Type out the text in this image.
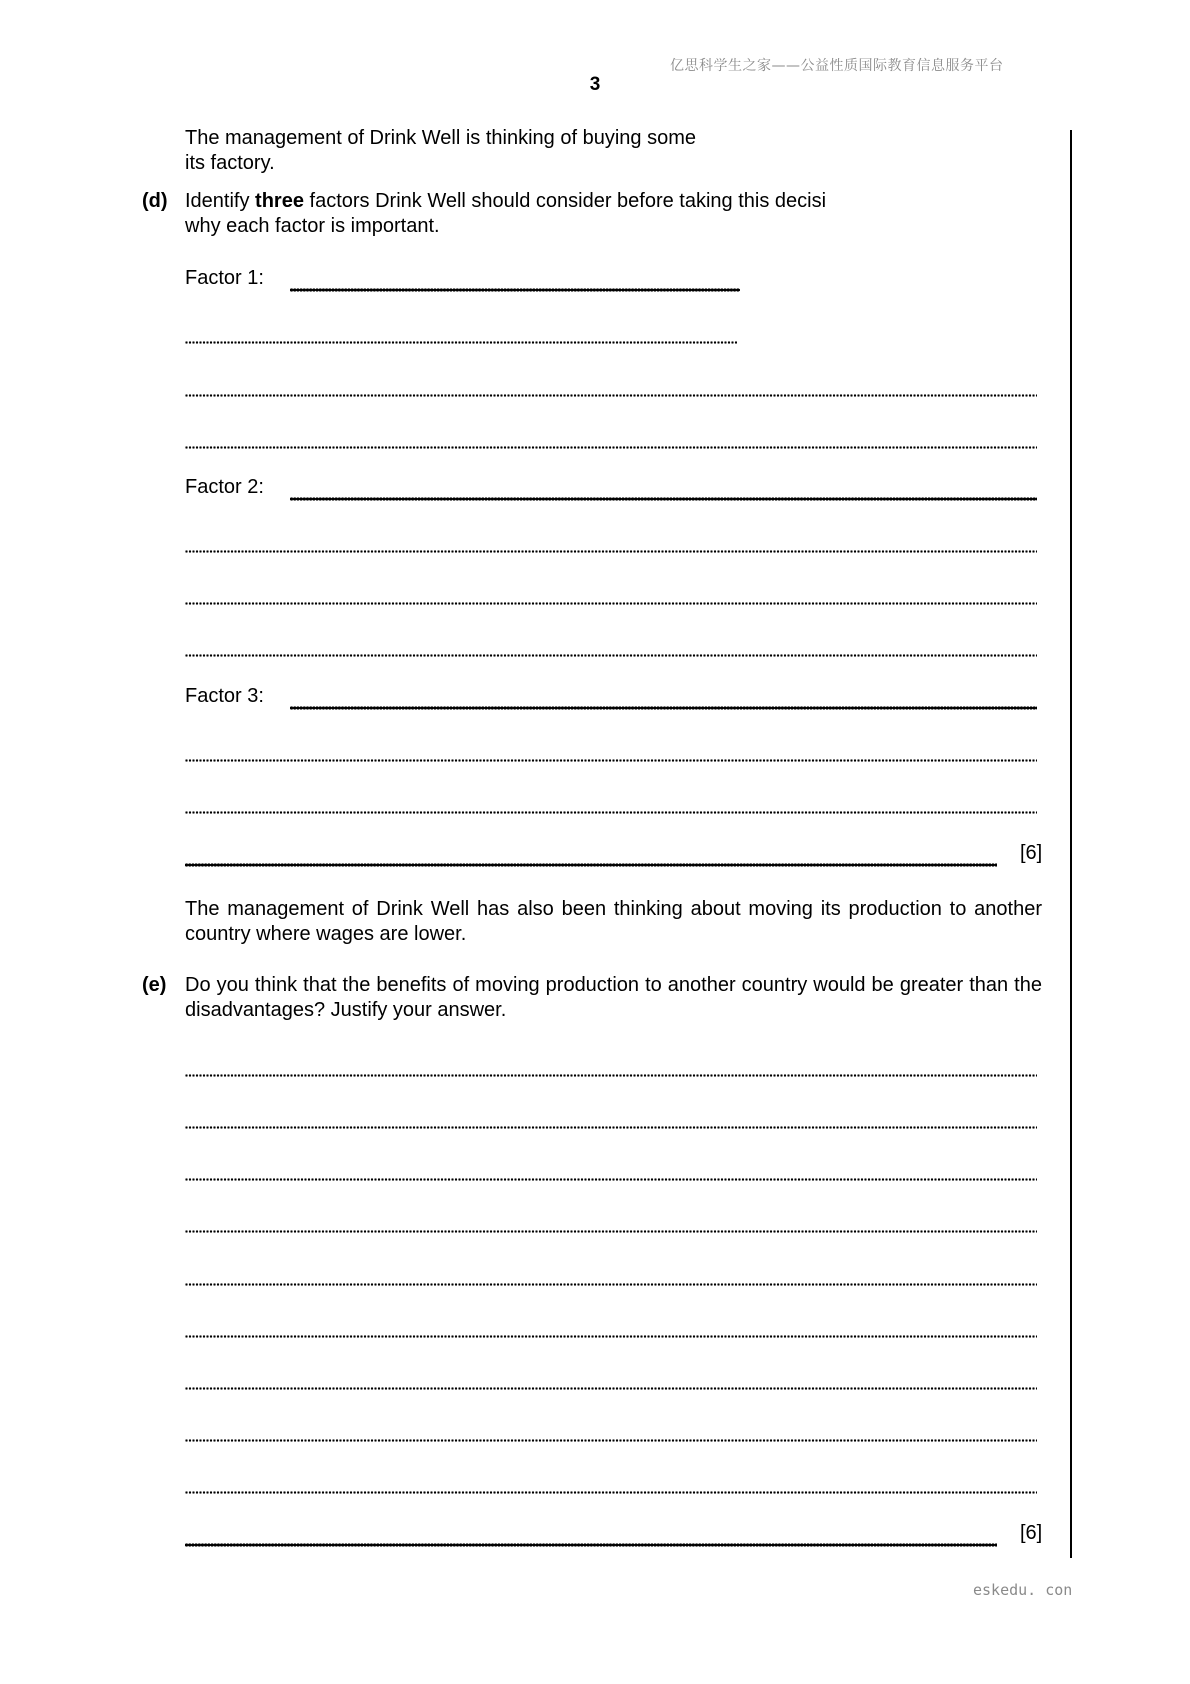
亿思科学生之家——公益性质国际教育信息服务平台
3
The management of Drink Well is thinking of buying some
its factory.
(d) Identify three factors Drink Well should consider before taking this decisi
why each factor is important.
Factor 1:
Factor 2:
Factor 3:
[6]
The management of Drink Well has also been thinking about moving its production to another country where wages are lower.
(e) Do you think that the benefits of moving production to another country would be greater than the disadvantages? Justify your answer.
[6]
eskedu. con
